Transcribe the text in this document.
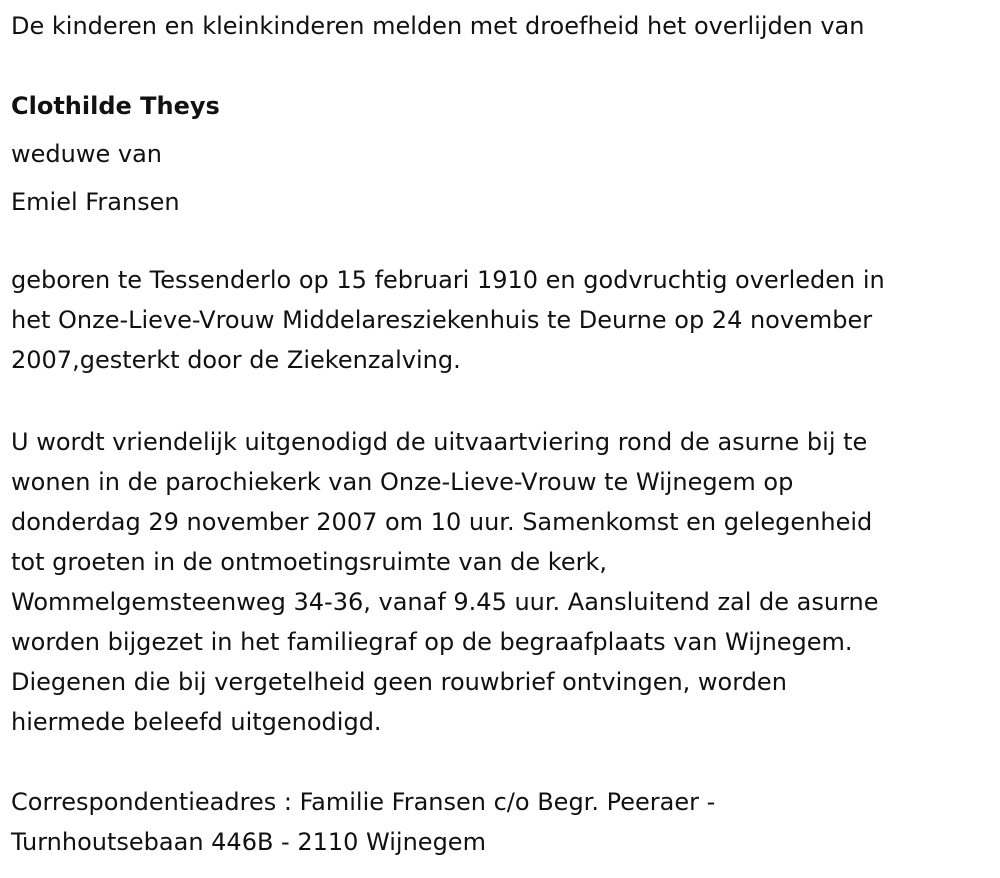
De kinderen en kleinkinderen melden met droefheid het overlijden van

Clothilde Theys

weduwe van

Emiel Fransen

geboren te Tessenderlo op 15 februari 1910 en godvruchtig overleden in

het Onze-Lieve-Vrouw Middelaresziekenhuis te Deurne op 24 november

2007,gesterkt door de Ziekenzalving.

U wordt vriendelijk uitgenodigd de uitvaartviering rond de asurne bij te

wonen in de parochiekerk van Onze-Lieve-Vrouw te Wijnegem op

donderdag 29 november 2007 om 10 uur. Samenkomst en gelegenheid

tot groeten in de ontmoetingsruimte van de kerk,

Wommelgemsteenweg 34-36, vanaf 9.45 uur. Aansluitend zal de asurne

worden bijgezet in het familiegraf op de begraafplaats van Wijnegem.

Diegenen die bij vergetelheid geen rouwbrief ontvingen, worden

hiermede beleefd uitgenodigd.

Correspondentieadres : Familie Fransen c/o Begr. Peeraer -

Turnhoutsebaan 446B - 2110 Wijnegem
